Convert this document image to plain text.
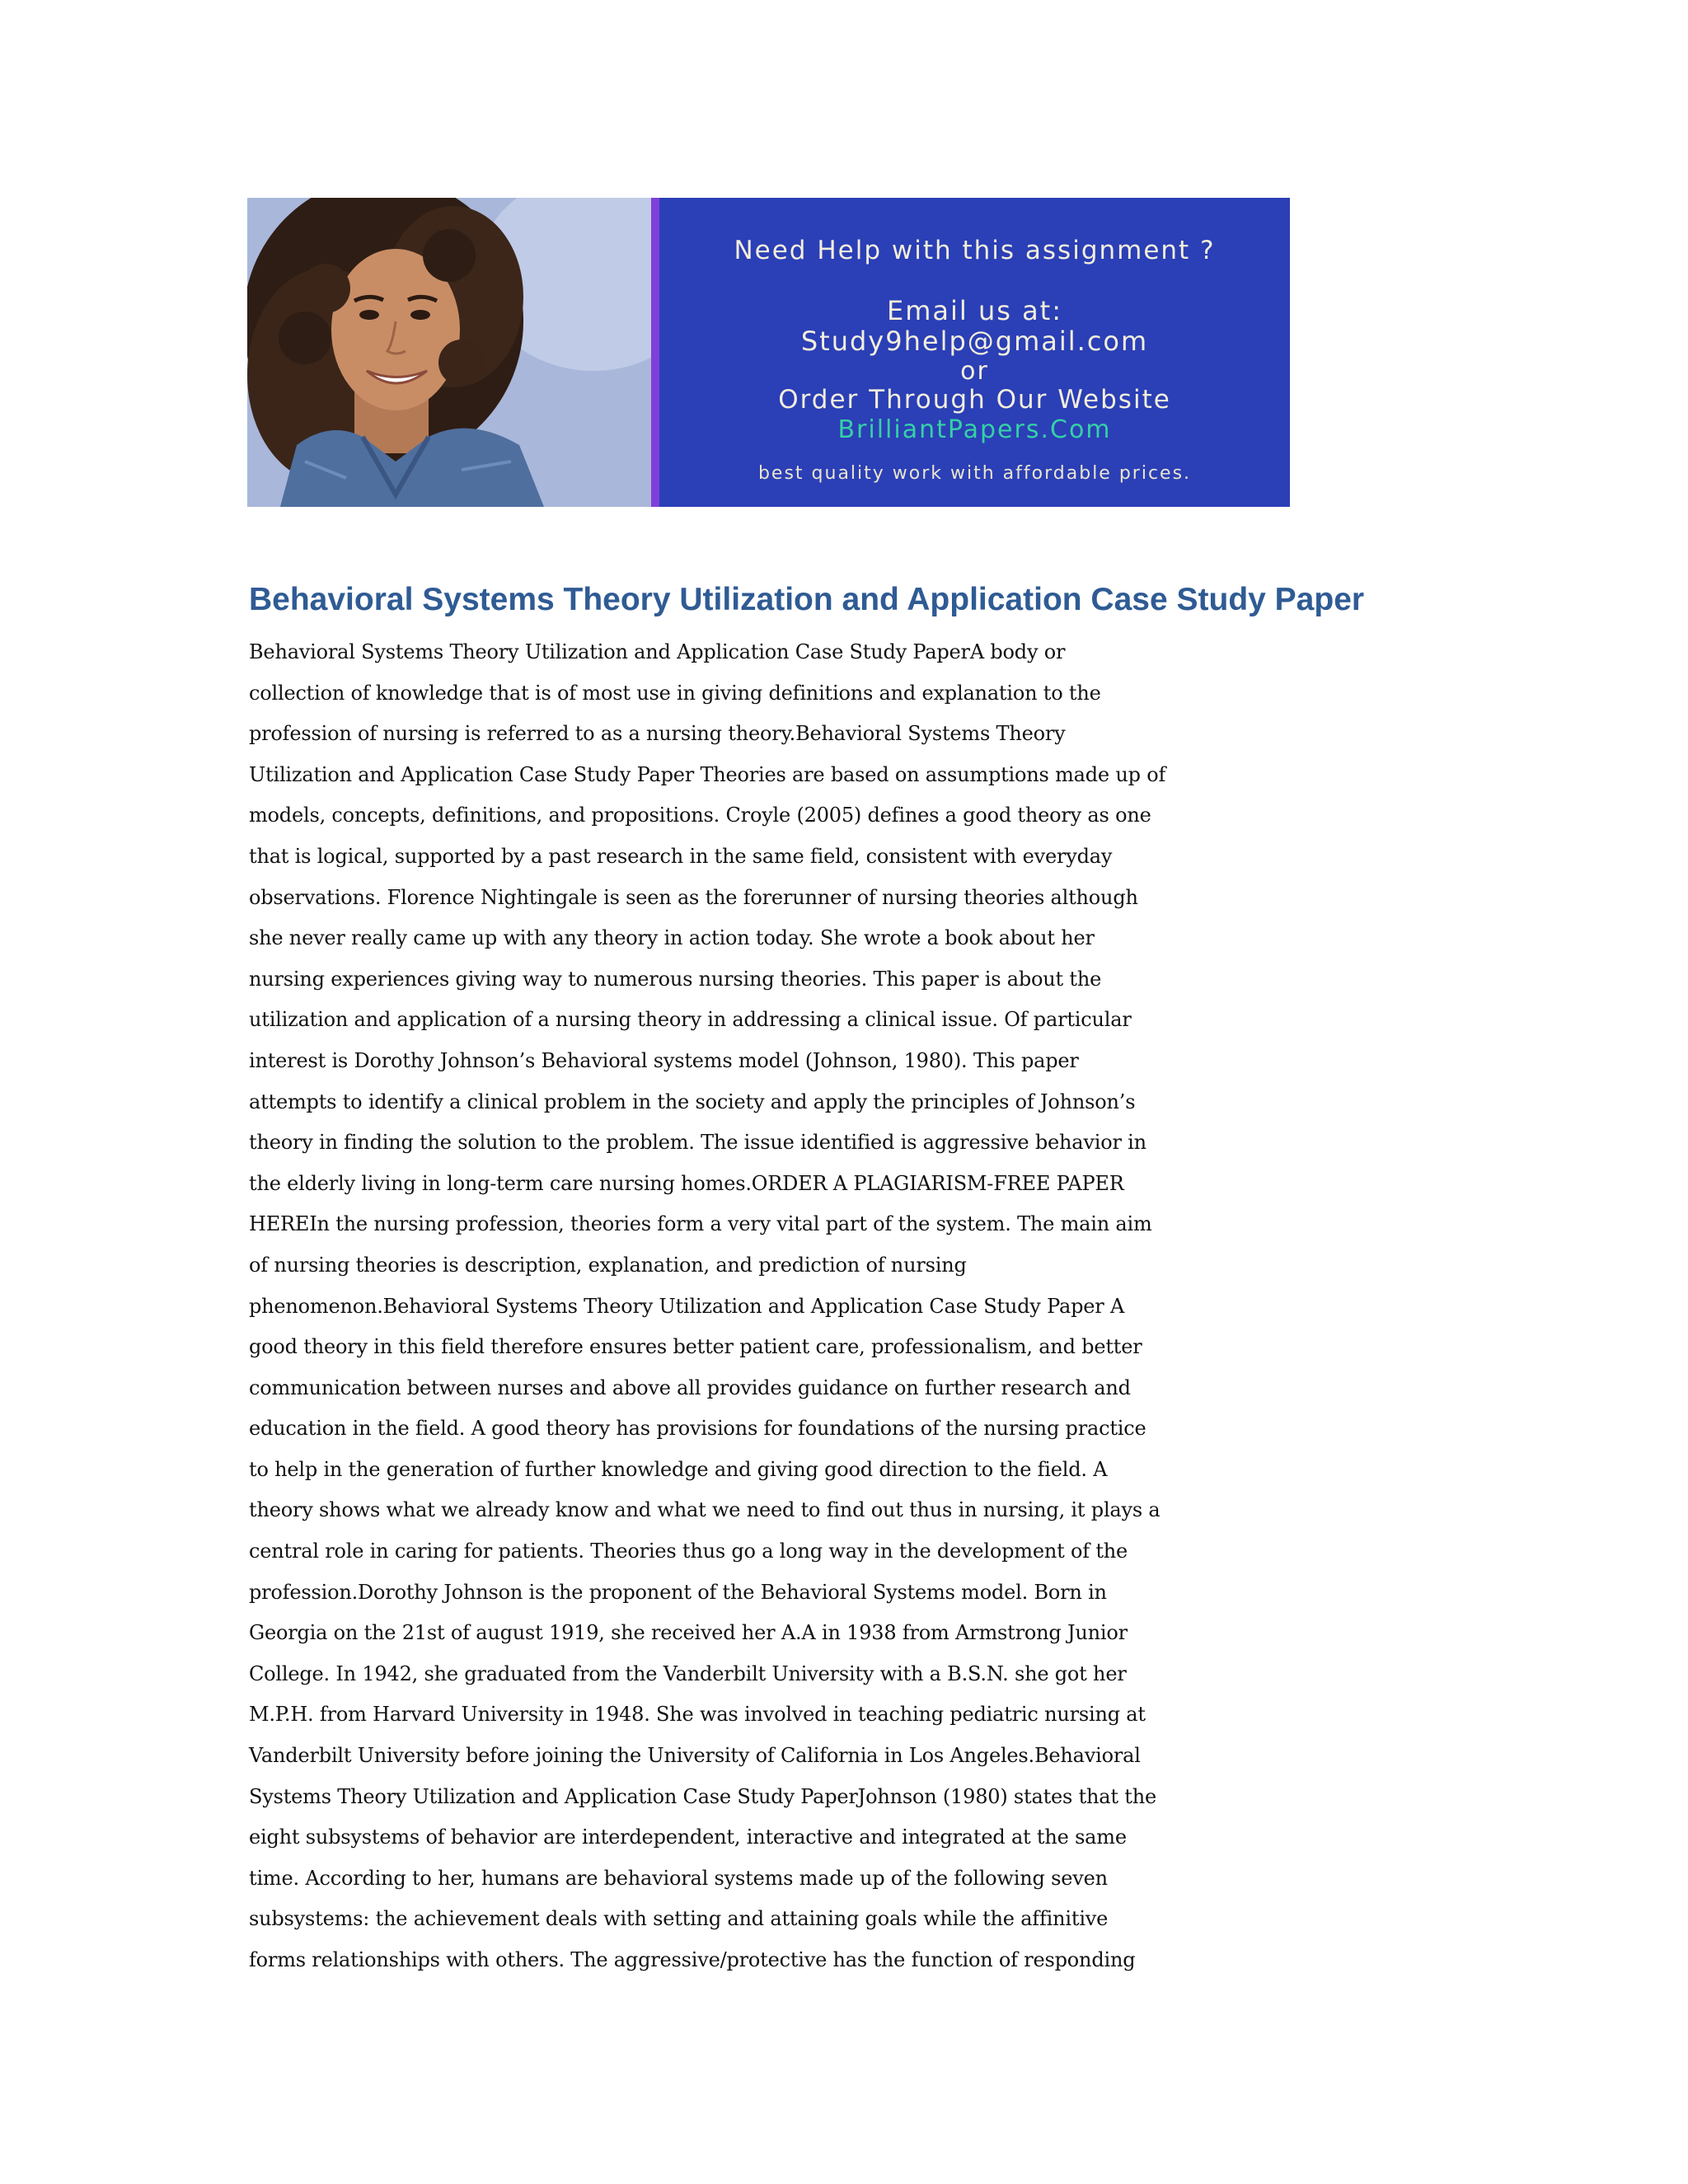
Need Help with this assignment ?
Email us at:
Study9help@gmail.com
or
Order Through Our Website
BrilliantPapers.Com
best quality work with affordable prices.
Behavioral Systems Theory Utilization and Application Case Study Paper
Behavioral Systems Theory Utilization and Application Case Study PaperA body or
collection of knowledge that is of most use in giving definitions and explanation to the
profession of nursing is referred to as a nursing theory.Behavioral Systems Theory
Utilization and Application Case Study Paper Theories are based on assumptions made up of
models, concepts, definitions, and propositions. Croyle (2005) defines a good theory as one
that is logical, supported by a past research in the same field, consistent with everyday
observations. Florence Nightingale is seen as the forerunner of nursing theories although
she never really came up with any theory in action today. She wrote a book about her
nursing experiences giving way to numerous nursing theories. This paper is about the
utilization and application of a nursing theory in addressing a clinical issue. Of particular
interest is Dorothy Johnson’s Behavioral systems model (Johnson, 1980). This paper
attempts to identify a clinical problem in the society and apply the principles of Johnson’s
theory in finding the solution to the problem. The issue identified is aggressive behavior in
the elderly living in long-term care nursing homes.ORDER A PLAGIARISM-FREE PAPER
HEREIn the nursing profession, theories form a very vital part of the system. The main aim
of nursing theories is description, explanation, and prediction of nursing
phenomenon.Behavioral Systems Theory Utilization and Application Case Study Paper A
good theory in this field therefore ensures better patient care, professionalism, and better
communication between nurses and above all provides guidance on further research and
education in the field. A good theory has provisions for foundations of the nursing practice
to help in the generation of further knowledge and giving good direction to the field. A
theory shows what we already know and what we need to find out thus in nursing, it plays a
central role in caring for patients. Theories thus go a long way in the development of the
profession.Dorothy Johnson is the proponent of the Behavioral Systems model. Born in
Georgia on the 21st of august 1919, she received her A.A in 1938 from Armstrong Junior
College. In 1942, she graduated from the Vanderbilt University with a B.S.N. she got her
M.P.H. from Harvard University in 1948. She was involved in teaching pediatric nursing at
Vanderbilt University before joining the University of California in Los Angeles.Behavioral
Systems Theory Utilization and Application Case Study PaperJohnson (1980) states that the
eight subsystems of behavior are interdependent, interactive and integrated at the same
time. According to her, humans are behavioral systems made up of the following seven
subsystems: the achievement deals with setting and attaining goals while the affinitive
forms relationships with others. The aggressive/protective has the function of responding
